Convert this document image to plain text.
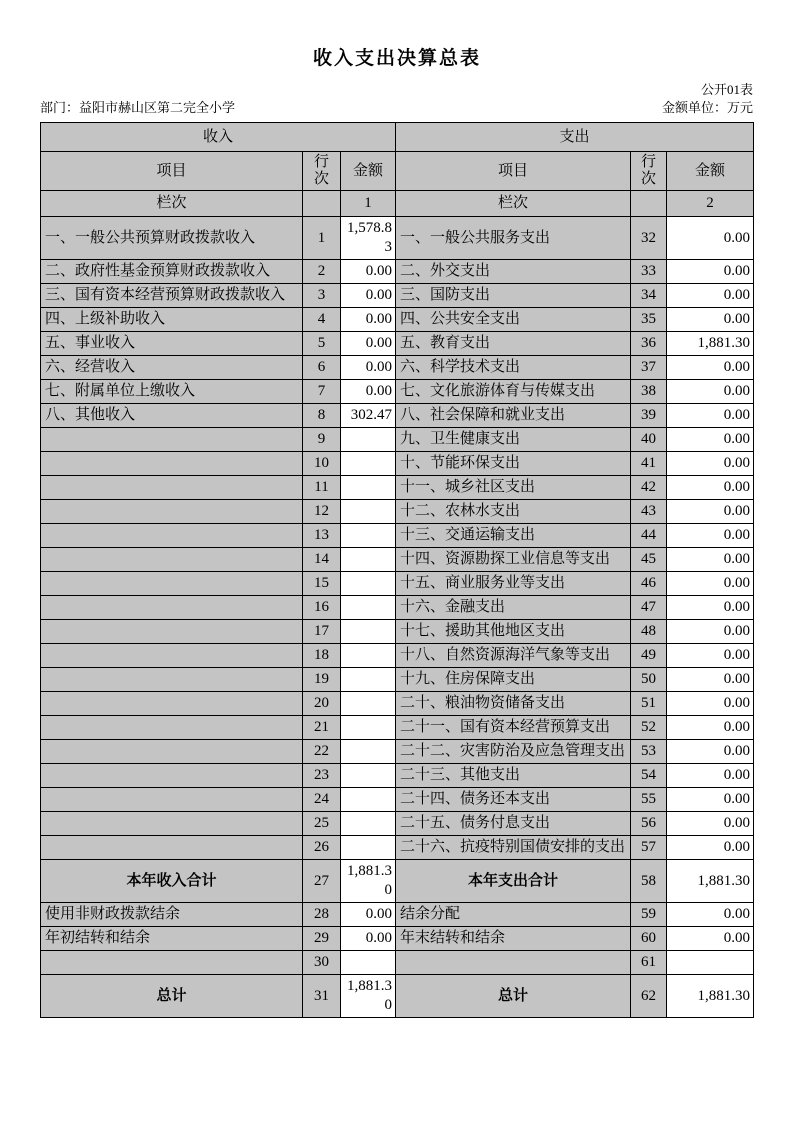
收入支出决算总表
公开01表
部门：益阳市赫山区第二完全小学	金额单位：万元
收入			支出		
项目	行次	金额	项目	行次	金额
栏次		1	栏次		2
一、一般公共预算财政拨款收入	1	1,578.83	一、一般公共服务支出	32	0.00
二、政府性基金预算财政拨款收入	2	0.00	二、外交支出	33	0.00
三、国有资本经营预算财政拨款收入	3	0.00	三、国防支出	34	0.00
四、上级补助收入	4	0.00	四、公共安全支出	35	0.00
五、事业收入	5	0.00	五、教育支出	36	1,881.30
六、经营收入	6	0.00	六、科学技术支出	37	0.00
七、附属单位上缴收入	7	0.00	七、文化旅游体育与传媒支出	38	0.00
八、其他收入	8	302.47	八、社会保障和就业支出	39	0.00
	9		九、卫生健康支出	40	0.00
	10		十、节能环保支出	41	0.00
	11		十一、城乡社区支出	42	0.00
	12		十二、农林水支出	43	0.00
	13		十三、交通运输支出	44	0.00
	14		十四、资源勘探工业信息等支出	45	0.00
	15		十五、商业服务业等支出	46	0.00
	16		十六、金融支出	47	0.00
	17		十七、援助其他地区支出	48	0.00
	18		十八、自然资源海洋气象等支出	49	0.00
	19		十九、住房保障支出	50	0.00
	20		二十、粮油物资储备支出	51	0.00
	21		二十一、国有资本经营预算支出	52	0.00
	22		二十二、灾害防治及应急管理支出	53	0.00
	23		二十三、其他支出	54	0.00
	24		二十四、债务还本支出	55	0.00
	25		二十五、债务付息支出	56	0.00
	26		二十六、抗疫特别国债安排的支出	57	0.00
本年收入合计	27	1,881.30	本年支出合计	58	1,881.30
使用非财政拨款结余	28	0.00	结余分配	59	0.00
年初结转和结余	29	0.00	年末结转和结余	60	0.00
	30			61	
总计	31	1,881.30	总计	62	1,881.30
